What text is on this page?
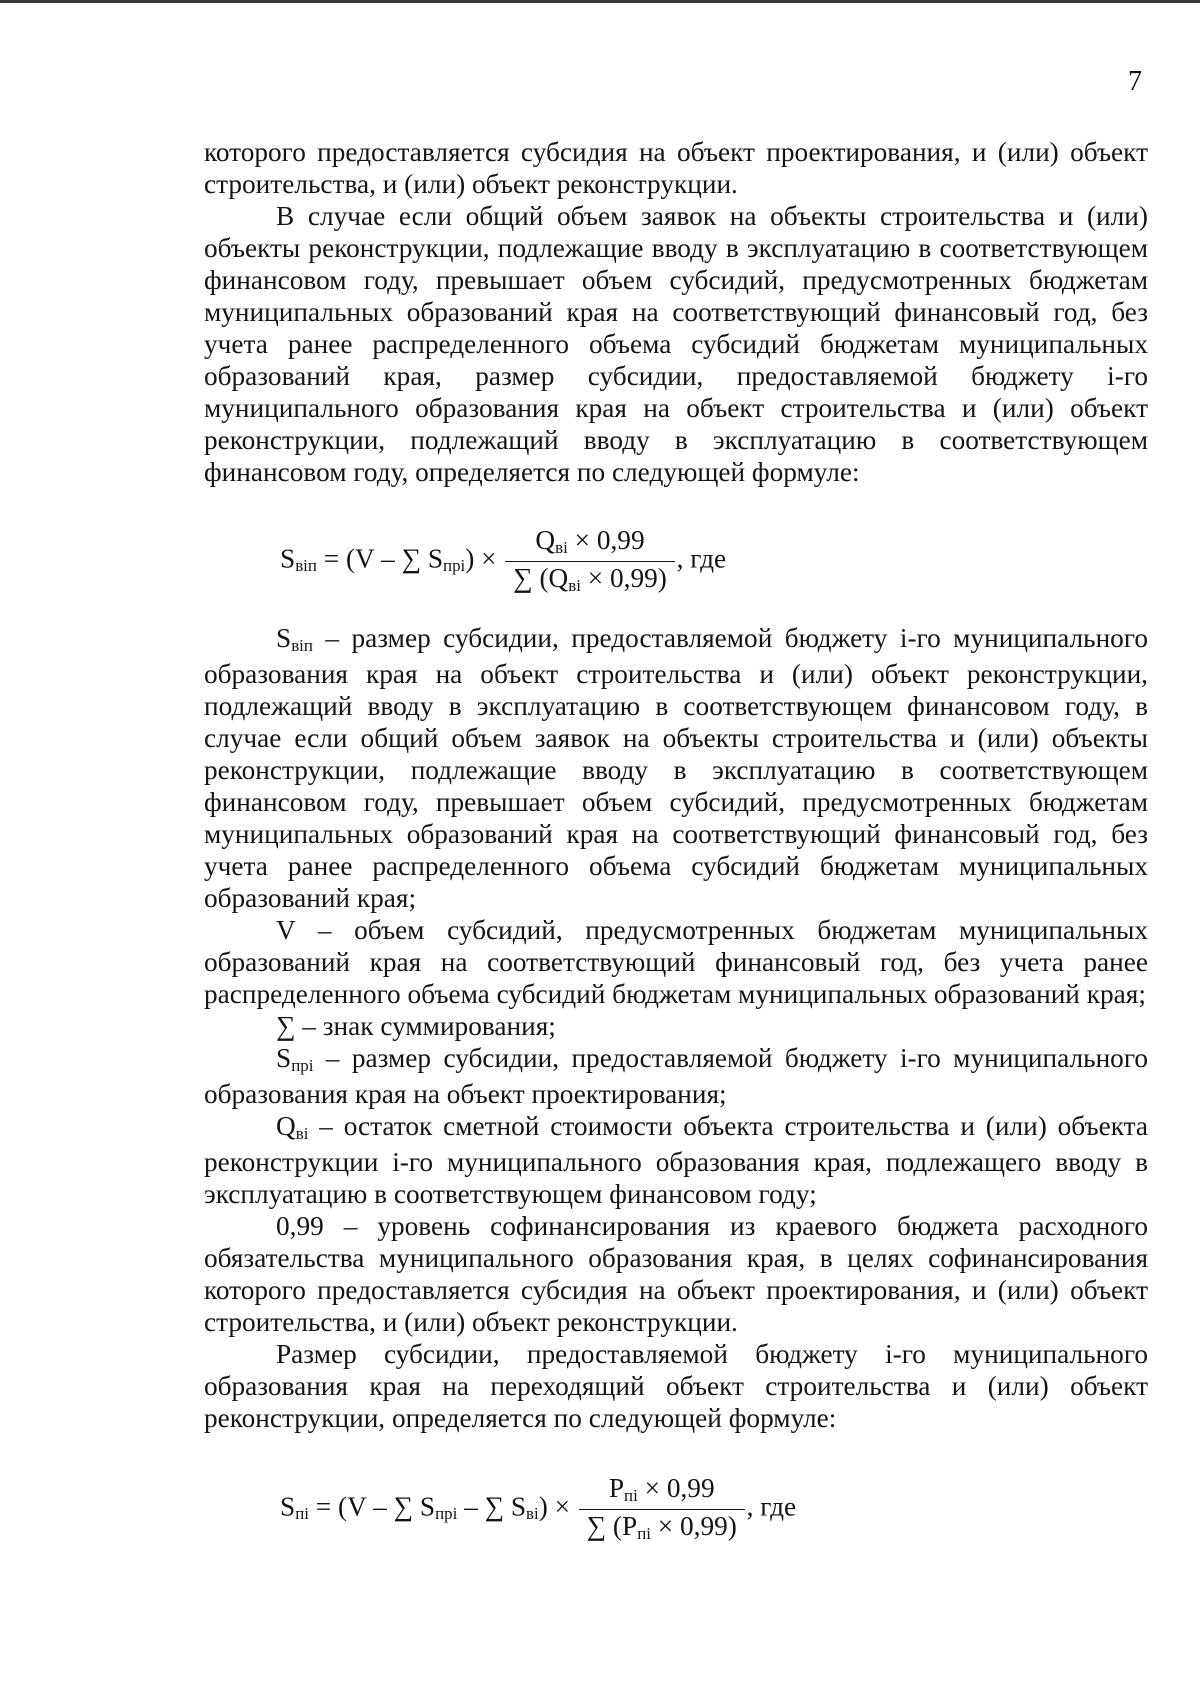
7

которого предоставляется субсидия на объект проектирования, и (или) объект строительства, и (или) объект реконструкции.

В случае если общий объем заявок на объекты строительства и (или) объекты реконструкции, подлежащие вводу в эксплуатацию в соответствующем финансовом году, превышает объем субсидий, предусмотренных бюджетам муниципальных образований края на соответствующий финансовый год, без учета ранее распределенного объема субсидий бюджетам муниципальных образований края, размер субсидии, предоставляемой бюджету i-го муниципального образования края на объект строительства и (или) объект реконструкции, подлежащий вводу в эксплуатацию в соответствующем финансовом году, определяется по следующей формуле:

$S_{віп} = (V$ – ∑ $S_{прі}) \times \frac{Q_{вi} \times 0,99}{\sum (Q_{вi} \times 0,99)}$ , где

$S_{віп}$ – размер субсидии, предоставляемой бюджету i-го муниципального образования края на объект строительства и (или) объект реконструкции, подлежащий вводу в эксплуатацию в соответствующем финансовом году, в случае если общий объем заявок на объекты строительства и (или) объекты реконструкции, подлежащие вводу в эксплуатацию в соответствующем финансовом году, превышает объем субсидий, предусмотренных бюджетам муниципальных образований края на соответствующий финансовый год, без учета ранее распределенного объема субсидий бюджетам муниципальных образований края;

V – объем субсидий, предусмотренных бюджетам муниципальных образований края на соответствующий финансовый год, без учета ранее распределенного объема субсидий бюджетам муниципальных образований края;

∑ – знак суммирования;

$S_{прі}$ – размер субсидии, предоставляемой бюджету i-го муниципального образования края на объект проектирования;

$Q_{вi}$ – остаток сметной стоимости объекта строительства и (или) объекта реконструкции i-го муниципального образования края, подлежащего вводу в эксплуатацию в соответствующем финансовом году;

0,99 – уровень софинансирования из краевого бюджета расходного обязательства муниципального образования края, в целях софинансирования которого предоставляется субсидия на объект проектирования, и (или) объект строительства, и (или) объект реконструкции.

Размер субсидии, предоставляемой бюджету i-го муниципального образования края на переходящий объект строительства и (или) объект реконструкции, определяется по следующей формуле:

$S_{пі} = (V$ – ∑ $S_{прі}$ – ∑ $S_{вi}) \times \frac{P_{пі} \times 0,99}{\sum (P_{пі} \times 0,99)}$ , где
